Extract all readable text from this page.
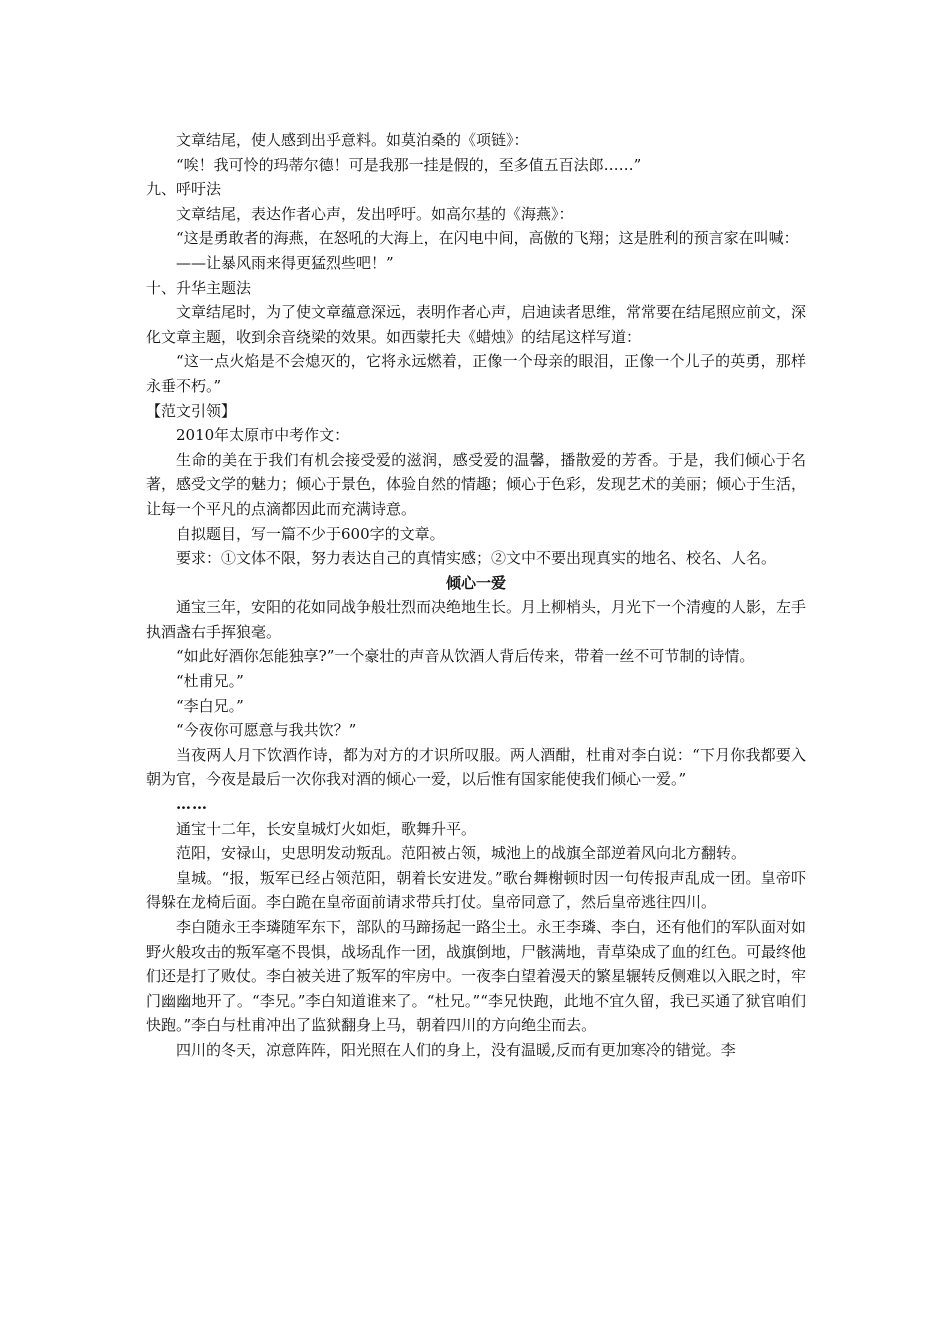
文章结尾，使人感到出乎意料。如莫泊桑的《项链》：

“唉！我可怜的玛蒂尔德！可是我那一挂是假的，至多值五百法郎……”

九、呼吁法

文章结尾，表达作者心声，发出呼吁。如高尔基的《海燕》：

“这是勇敢者的海燕，在怒吼的大海上，在闪电中间，高傲的飞翔；这是胜利的预言家在叫喊：

——让暴风雨来得更猛烈些吧！”

十、升华主题法

文章结尾时，为了使文章蕴意深远，表明作者心声，启迪读者思维，常常要在结尾照应前文，深化文章主题，收到余音绕梁的效果。如西蒙托夫《蜡烛》的结尾这样写道：

“这一点火焰是不会熄灭的，它将永远燃着，正像一个母亲的眼泪，正像一个儿子的英勇，那样永垂不朽。”

【范文引领】

2010年太原市中考作文：

生命的美在于我们有机会接受爱的滋润，感受爱的温馨，播散爱的芳香。于是，我们倾心于名著，感受文学的魅力；倾心于景色，体验自然的情趣；倾心于色彩，发现艺术的美丽；倾心于生活，让每一个平凡的点滴都因此而充满诗意。

自拟题目，写一篇不少于600字的文章。

要求：①文体不限，努力表达自己的真情实感；②文中不要出现真实的地名、校名、人名。

倾心一爱

通宝三年，安阳的花如同战争般壮烈而决绝地生长。月上柳梢头，月光下一个清瘦的人影，左手执酒盏右手挥狼毫。

“如此好酒你怎能独享?”一个豪壮的声音从饮酒人背后传来，带着一丝不可节制的诗情。

“杜甫兄。”

“李白兄。”

“今夜你可愿意与我共饮？”

当夜两人月下饮酒作诗，都为对方的才识所叹服。两人酒酣，杜甫对李白说：“下月你我都要入朝为官，今夜是最后一次你我对酒的倾心一爱，以后惟有国家能使我们倾心一爱。”

……

通宝十二年，长安皇城灯火如炬，歌舞升平。

范阳，安禄山，史思明发动叛乱。范阳被占领，城池上的战旗全部逆着风向北方翻转。

皇城。“报，叛军已经占领范阳，朝着长安进发。”歌台舞榭顿时因一句传报声乱成一团。皇帝吓得躲在龙椅后面。李白跪在皇帝面前请求带兵打仗。皇帝同意了，然后皇帝逃往四川。

李白随永王李璘随军东下，部队的马蹄扬起一路尘土。永王李璘、李白，还有他们的军队面对如野火般攻击的叛军毫不畏惧，战场乱作一团，战旗倒地，尸骸满地，青草染成了血的红色。可最终他们还是打了败仗。李白被关进了叛军的牢房中。一夜李白望着漫天的繁星辗转反侧难以入眠之时，牢门幽幽地开了。“李兄。”李白知道谁来了。“杜兄。”“李兄快跑，此地不宜久留，我已买通了狱官咱们快跑。”李白与杜甫冲出了监狱翻身上马，朝着四川的方向绝尘而去。

四川的冬天，凉意阵阵，阳光照在人们的身上，没有温暖,反而有更加寒冷的错觉。李
